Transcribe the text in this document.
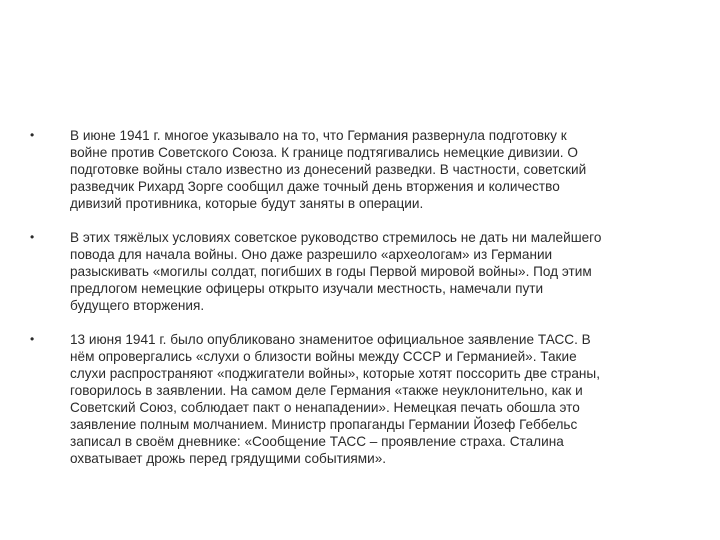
•	В июне 1941 г. многое указывало на то, что Германия развернула подготовку к
войне против Советского Союза. К границе подтягивались немецкие дивизии. О
подготовке войны стало известно из донесений разведки. В частности, советский
разведчик Рихард Зорге сообщил даже точный день вторжения и количество
дивизий противника, которые будут заняты в операции.
•	В этих тяжёлых условиях советское руководство стремилось не дать ни малейшего
повода для начала войны. Оно даже разрешило «археологам» из Германии
разыскивать «могилы солдат, погибших в годы Первой мировой войны». Под этим
предлогом немецкие офицеры открыто изучали местность, намечали пути
будущего вторжения.
•	13 июня 1941 г. было опубликовано знаменитое официальное заявление ТАСС. В
нём опровергались «слухи о близости войны между СССР и Германией». Такие
слухи распространяют «поджигатели войны», которые хотят поссорить две страны,
говорилось в заявлении. На самом деле Германия «также неуклонительно, как и
Советский Союз, соблюдает пакт о ненападении». Немецкая печать обошла это
заявление полным молчанием. Министр пропаганды Германии Йозеф Геббельс
записал в своём дневнике: «Сообщение ТАСС – проявление страха. Сталина
охватывает дрожь перед грядущими событиями».
